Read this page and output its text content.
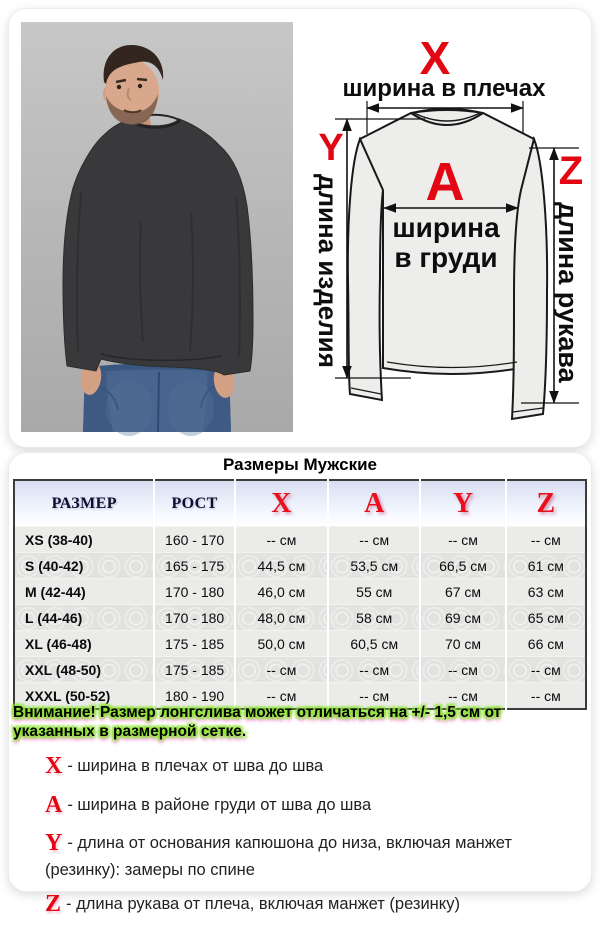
X
ширина в плечах
Y
длина изделия A
ширина
в груди
Z
длина рукава
Размеры Мужские
РАЗМЕР	РОСТ	X	A	Y	Z
XS (38-40)	160 - 170	-- см	-- см	-- см	-- см
S (40-42)	165 - 175	44,5 см	53,5 см	66,5 см	61 см
M (42-44)	170 - 180	46,0 см	55 см	67 см	63 см
L (44-46)	170 - 180	48,0 см	58 см	69 см	65 см
XL (46-48)	175 - 185	50,0 см	60,5 см	70 см	66 см
XXL (48-50)	175 - 185	-- см	-- см	-- см	-- см
XXXL (50-52)	180 - 190	-- см	-- см	-- см	-- см
Внимание! Размер лонгслива может отличаться на +/- 1,5 см от указанных в размерной сетке.
X - ширина в плечах от шва до шва
A - ширина в районе груди от шва до шва
Y - длина от основания капюшона до низа, включая манжет (резинку): замеры по спине
Z - длина рукава от плеча, включая манжет (резинку)
